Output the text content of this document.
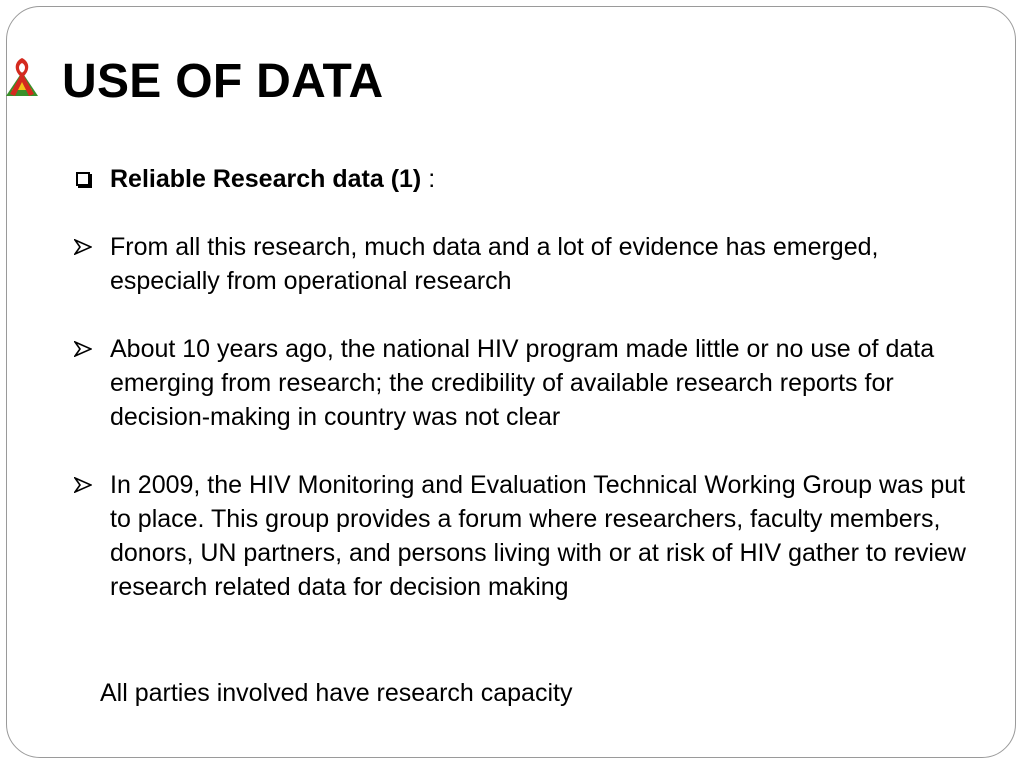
USE OF DATA
Reliable Research data (1) :
From all this research, much data and a lot of evidence has emerged, especially from operational research
About 10 years ago, the national HIV program made little or no use of data emerging from research; the credibility of available research reports for decision-making in country was not clear
In 2009, the HIV Monitoring and Evaluation Technical Working Group was put to place. This group provides a forum where researchers, faculty members, donors, UN partners, and persons living with or at risk of HIV gather to review research related data for decision making
All parties involved have research capacity
